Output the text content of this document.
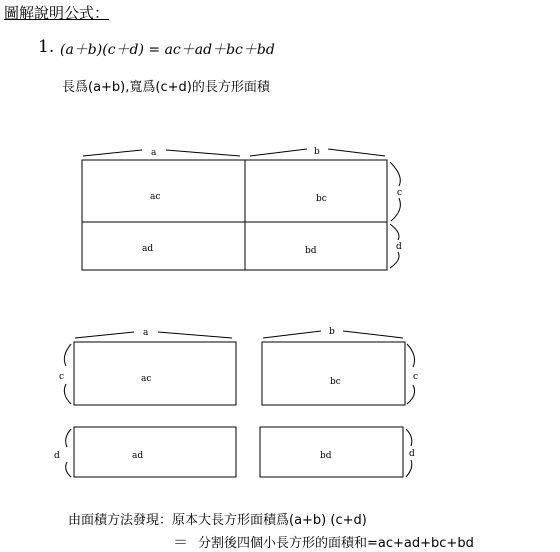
圖解說明公式：
1. (a＋b)(c＋d) = ac＋ad＋bc＋bd
長爲(a+b),寬爲(c+d)的長方形面積
a	b
c
d
ac	bc
ad	bd
a	b
c
d
c
d
ac	bc
ad	bd
由面積方法發現：原本大長方形面積爲(a+b) (c+d)
＝ 分割後四個小長方形的面積和=ac+ad+bc+bd
